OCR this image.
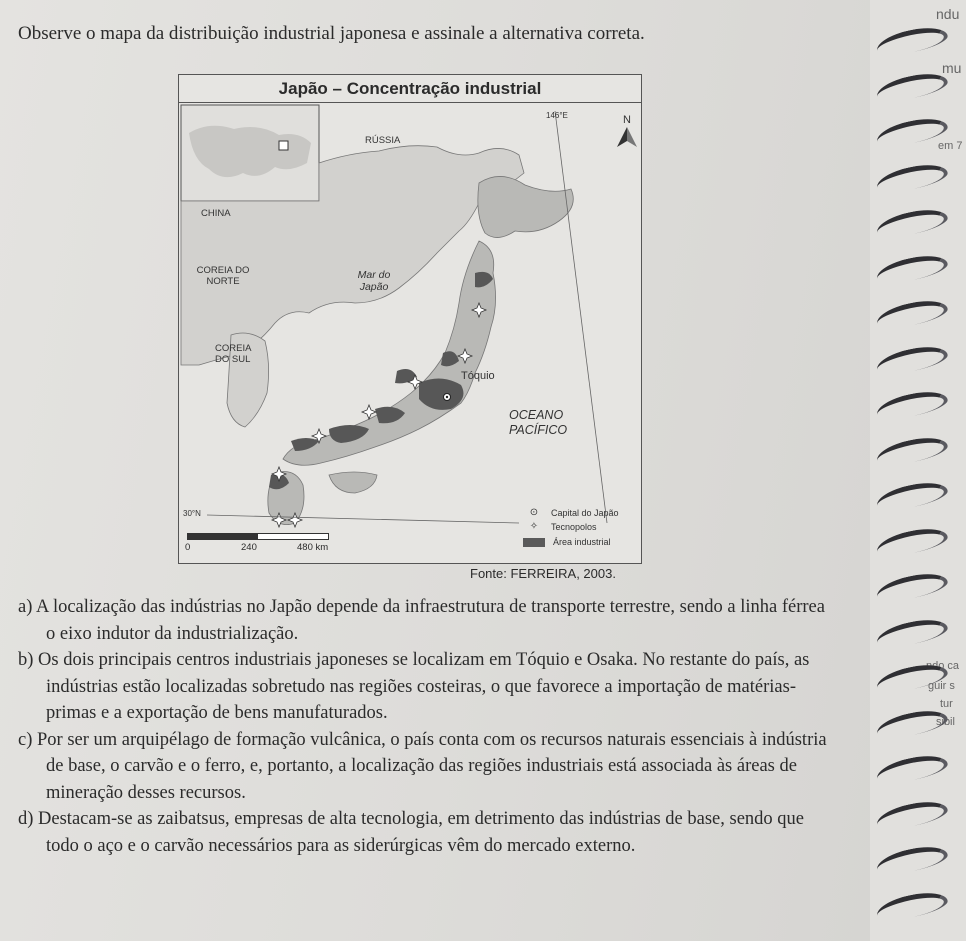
Observe o mapa da distribuição industrial japonesa e assinale a alternativa correta.

Japão – Concentração industrial

146°E	N

RÚSSIA

CHINA

COREIA DO NORTE

COREIA DO SUL

Mar do Japão

Tóquio

OCEANO PACÍFICO

30°N	⊙	Capital do Japão
✧	Tecnopolos
Área industrial
0	240	480 km

Fonte: FERREIRA, 2003.

a) A localização das indústrias no Japão depende da infraestrutura de transporte terrestre, sendo a linha férrea o eixo indutor da industrialização.
b) Os dois principais centros industriais japoneses se localizam em Tóquio e Osaka. No restante do país, as indústrias estão localizadas sobretudo nas regiões costeiras, o que favorece a importação de matérias-primas e a exportação de bens manufaturados.
c) Por ser um arquipélago de formação vulcânica, o país conta com os recursos naturais essenciais à indústria de base, o carvão e o ferro, e, portanto, a localização das regiões industriais está associada às áreas de mineração desses recursos.
d) Destacam-se as zaibatsus, empresas de alta tecnologia, em detrimento das indústrias de base, sendo que todo o aço e o carvão necessários para as siderúrgicas vêm do mercado externo.

ndu

mu

em 7

ndo ca

guir s

tur

sibil
